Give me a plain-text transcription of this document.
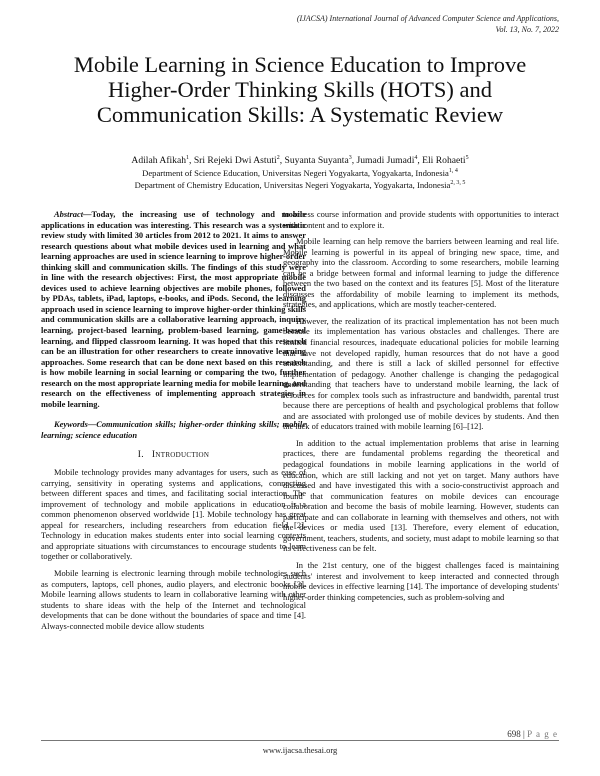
(IJACSA) International Journal of Advanced Computer Science and Applications,
Vol. 13, No. 7, 2022
Mobile Learning in Science Education to Improve Higher-Order Thinking Skills (HOTS) and Communication Skills: A Systematic Review
Adilah Afikah$^1$, Sri Rejeki Dwi Astuti$^2$, Suyanta Suyanta$^3$, Jumadi Jumadi$^4$, Eli Rohaeti$^5$
Department of Science Education, Universitas Negeri Yogyakarta, Yogyakarta, Indonesia$^{1, 4}$
Department of Chemistry Education, Universitas Negeri Yogyakarta, Yogyakarta, Indonesia$^{2, 3, 5}$

Abstract—Today, the increasing use of technology and mobile applications in education was interesting. This research was a systematic review study with limited 30 articles from 2012 to 2021. It aims to answer research questions about what mobile devices used in learning and what learning approaches are used in science learning to improve higher-order thinking skill and communication skills. The findings of this study were in line with the research objectives: First, the most appropriate mobile devices used to achieve learning objectives are mobile phones, followed by PDAs, tablets, iPad, laptops, e-books, and iPods. Second, the learning approach used in science learning to improve higher-order thinking skills and communication skills are a collaborative learning approach, inquiry learning, project-based learning, problem-based learning, game-based learning, and flipped classroom learning. It was hoped that this research can be an illustration for other researchers to create innovative learning approaches. Some research that can be done next based on this research is how mobile learning in social learning or comparing the two, further research on the most appropriate learning media for mobile learning, and research on the effectiveness of implementing approach strategies in mobile learning.

Keywords—Communication skills; higher-order thinking skills; mobile learning; science education

I. Introduction

Mobile technology provides many advantages for users, such as ease of carrying, sensitivity in operating systems and applications, connecting between different spaces and times, and facilitating social interaction. The improvement of technology and mobile applications in education is a common phenomenon observed worldwide [1]. Mobile technology has great appeal for researchers, including researchers from education field [2]. Technology in education makes students enter into social learning contexts and appropriate situations with circumstances to encourage students to learn together or collaboratively.

Mobile learning is electronic learning through mobile technologies such as computers, laptops, cell phones, audio players, and electronic books [3]. Mobile learning allows students to learn in collaborative learning with other students to share ideas with the help of the Internet and technological developments that can be done without the boundaries of space and time [4]. Always-connected mobile device allow students

to access course information and provide students with opportunities to interact with content and to explore it.

Mobile learning can help remove the barriers between learning and real life. Mobile learning is powerful in its appeal of bringing new space, time, and geography into the classroom. According to some researchers, mobile learning can be a bridge between formal and informal learning to judge the difference between the two based on the context and its features [5]. Most of the literature discusses the affordability of mobile learning to implement its methods, strategies, and applications, which are mostly teacher-centered.

However, the realization of its practical implementation has not been much because its implementation has various obstacles and challenges. There are limited financial resources, inadequate educational policies for mobile learning that have not developed rapidly, human resources that do not have a good understanding, and there is still a lack of skilled personnel for effective implementation of pedagogy. Another challenge is changing the pedagogical understanding that teachers have to understand mobile learning, the lack of resources for complex tools such as infrastructure and bandwidth, parental trust because there are perceptions of health and psychological problems that follow and are associated with prolonged use of mobile devices by students. And then the lack of educators trained with mobile learning [6]–[12].

In addition to the actual implementation problems that arise in learning practices, there are fundamental problems regarding the theoretical and pedagogical foundations in mobile learning applications in the world of education, which are still lacking and not yet on target. Many authors have discussed and have investigated this with a socio-constructivist approach and found that communication features on mobile devices can encourage collaboration and become the basis of mobile learning. However, students can participate and can collaborate in learning with themselves and others, not with the devices or media used [13]. Therefore, every element of education, government, teachers, students, and society, must adapt to mobile learning so that its effectiveness can be felt.

In the 21st century, one of the biggest challenges faced is maintaining students' interest and involvement to keep interacted and connected through mobile devices in effective learning [14]. The importance of developing students' higher-order thinking competencies, such as problem-solving and

698 | P a g e
www.ijacsa.thesai.org
